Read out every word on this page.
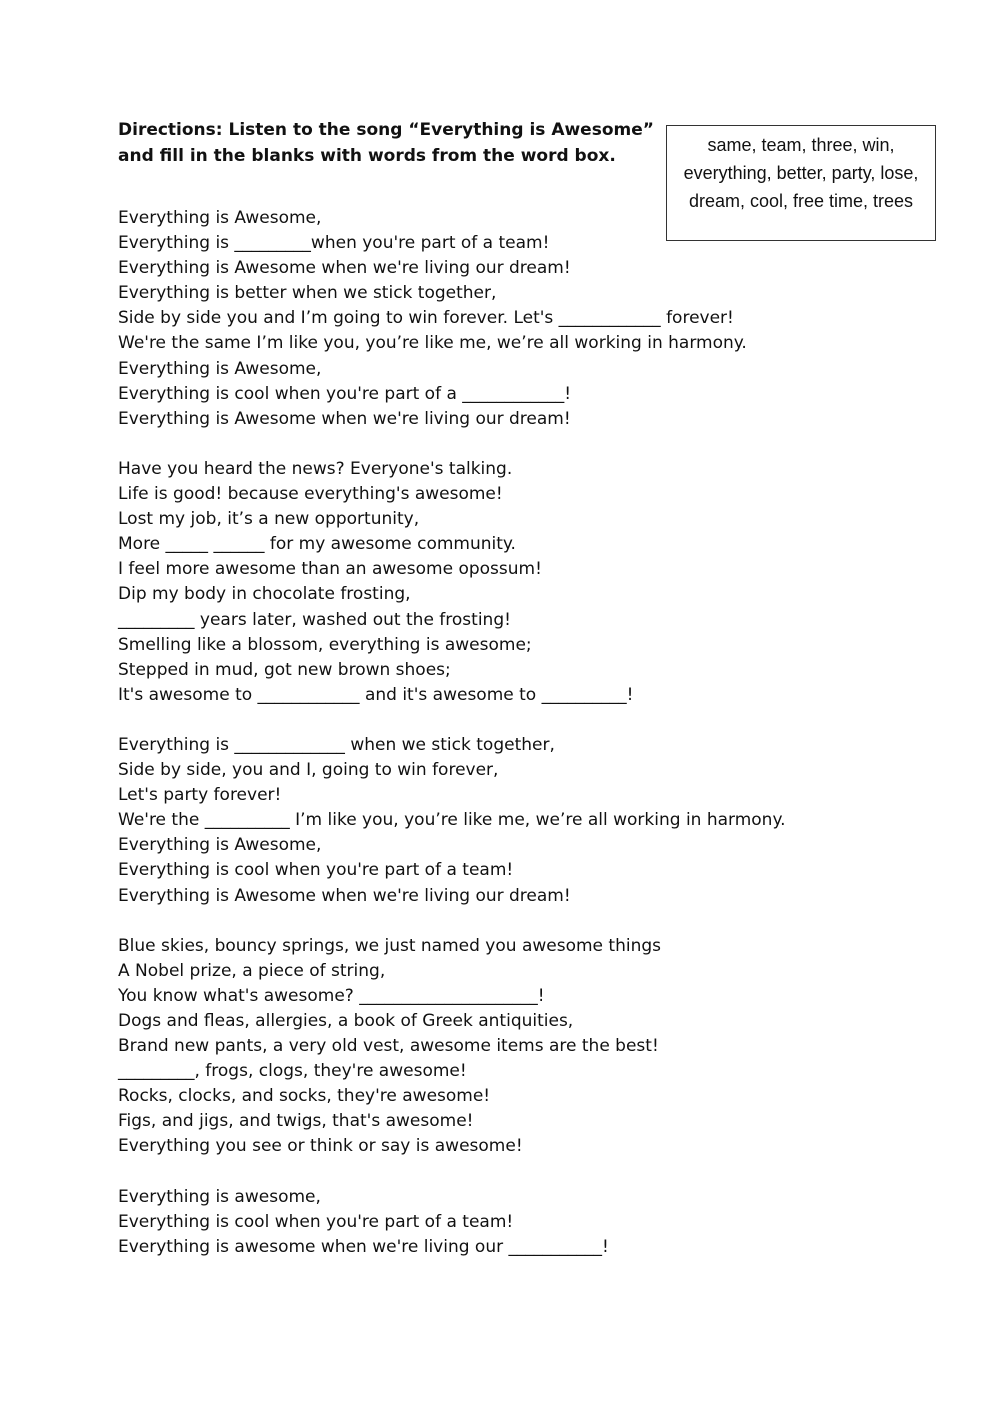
Directions: Listen to the song “Everything is Awesome” and fill in the blanks with words from the word box.

same, team, three, win, everything, better, party, lose, dream, cool, free time, trees
Everything is Awesome,
Everything is _________when you're part of a team!
Everything is Awesome when we're living our dream!
Everything is better when we stick together,
Side by side you and I’m going to win forever. Let's ____________ forever!
We're the same I’m like you, you’re like me, we’re all working in harmony.
Everything is Awesome,
Everything is cool when you're part of a ____________!
Everything is Awesome when we're living our dream!
Have you heard the news? Everyone's talking.
Life is good! because everything's awesome!
Lost my job, it’s a new opportunity,
More _____ ______ for my awesome community.
I feel more awesome than an awesome opossum!
Dip my body in chocolate frosting,
_________ years later, washed out the frosting!
Smelling like a blossom, everything is awesome;
Stepped in mud, got new brown shoes;
It's awesome to ____________ and it's awesome to __________!
Everything is _____________ when we stick together,
Side by side, you and I, going to win forever,
Let's party forever!
We're the __________ I’m like you, you’re like me, we’re all working in harmony.
Everything is Awesome,
Everything is cool when you're part of a team!
Everything is Awesome when we're living our dream!
Blue skies, bouncy springs, we just named you awesome things
A Nobel prize, a piece of string,
You know what's awesome? _____________________!
Dogs and fleas, allergies, a book of Greek antiquities,
Brand new pants, a very old vest, awesome items are the best!
_________, frogs, clogs, they're awesome!
Rocks, clocks, and socks, they're awesome!
Figs, and jigs, and twigs, that's awesome!
Everything you see or think or say is awesome!
Everything is awesome,
Everything is cool when you're part of a team!
Everything is awesome when we're living our ___________!
